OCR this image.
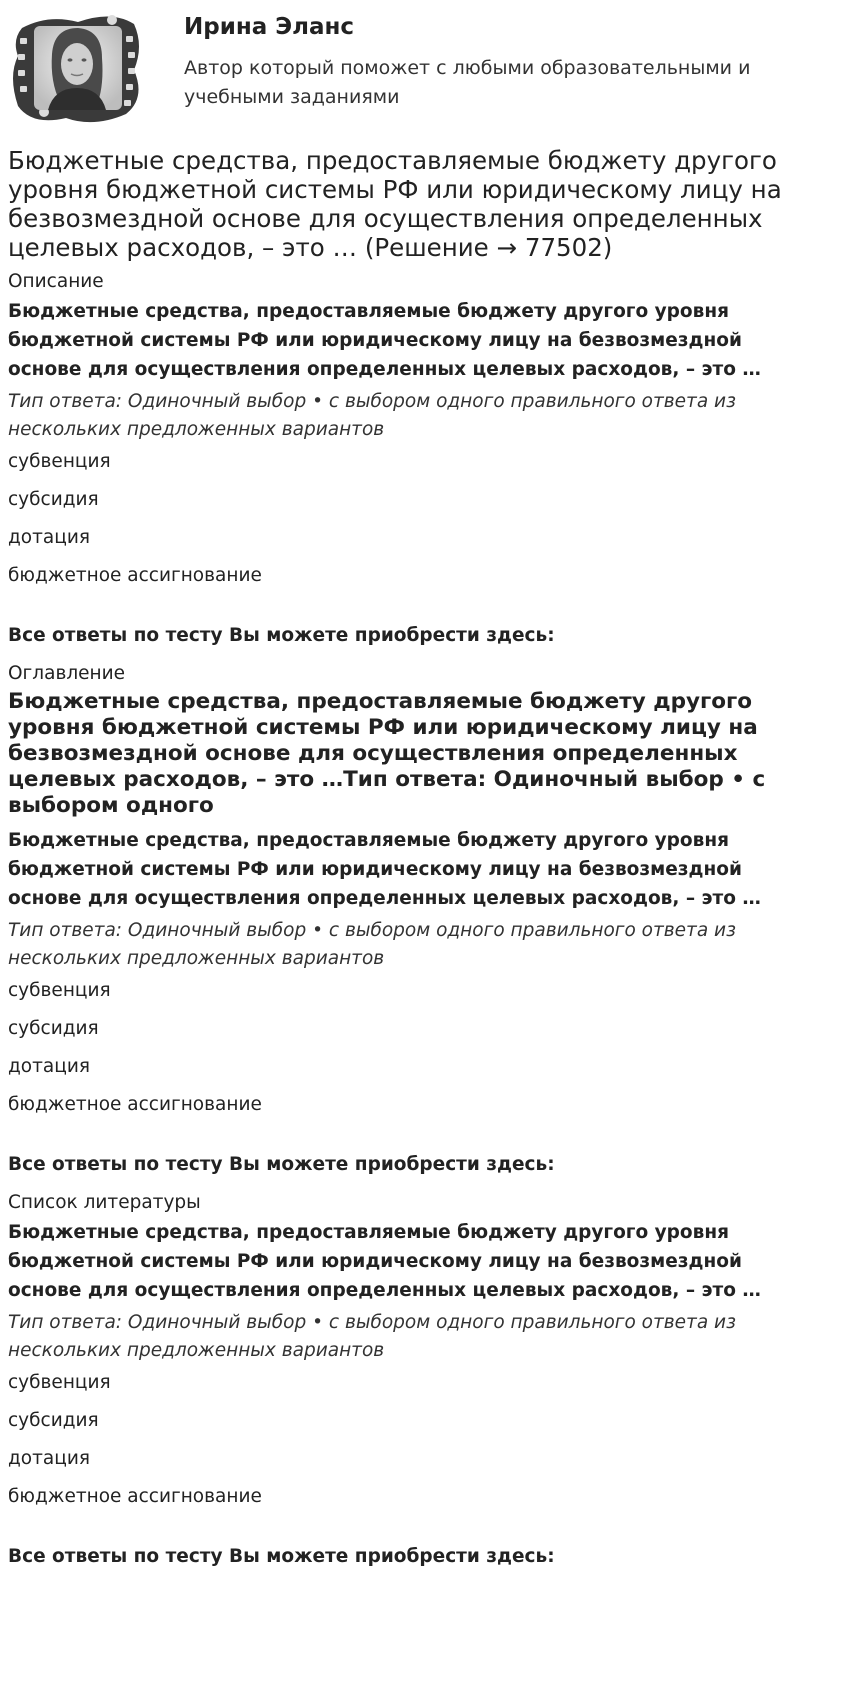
Ирина Эланс
Автор который поможет с любыми образовательными и учебными заданиями
Бюджетные средства, предоставляемые бюджету другого уровня бюджетной системы РФ или юридическому лицу на безвозмездной основе для осуществления определенных целевых расходов, – это … (Решение → 77502)
Описание
Бюджетные средства, предоставляемые бюджету другого уровня бюджетной системы РФ или юридическому лицу на безвозмездной основе для осуществления определенных целевых расходов, – это …
Тип ответа: Одиночный выбор • с выбором одного правильного ответа из нескольких предложенных вариантов
субвенция
субсидия
дотация
бюджетное ассигнование
Все ответы по тесту Вы можете приобрести здесь:
Оглавление
Бюджетные средства, предоставляемые бюджету другого уровня бюджетной системы РФ или юридическому лицу на безвозмездной основе для осуществления определенных целевых расходов, – это …Тип ответа: Одиночный выбор • с выбором одного
Бюджетные средства, предоставляемые бюджету другого уровня бюджетной системы РФ или юридическому лицу на безвозмездной основе для осуществления определенных целевых расходов, – это …
Тип ответа: Одиночный выбор • с выбором одного правильного ответа из нескольких предложенных вариантов
субвенция
субсидия
дотация
бюджетное ассигнование
Все ответы по тесту Вы можете приобрести здесь:
Список литературы
Бюджетные средства, предоставляемые бюджету другого уровня бюджетной системы РФ или юридическому лицу на безвозмездной основе для осуществления определенных целевых расходов, – это …
Тип ответа: Одиночный выбор • с выбором одного правильного ответа из нескольких предложенных вариантов
субвенция
субсидия
дотация
бюджетное ассигнование
Все ответы по тесту Вы можете приобрести здесь:
